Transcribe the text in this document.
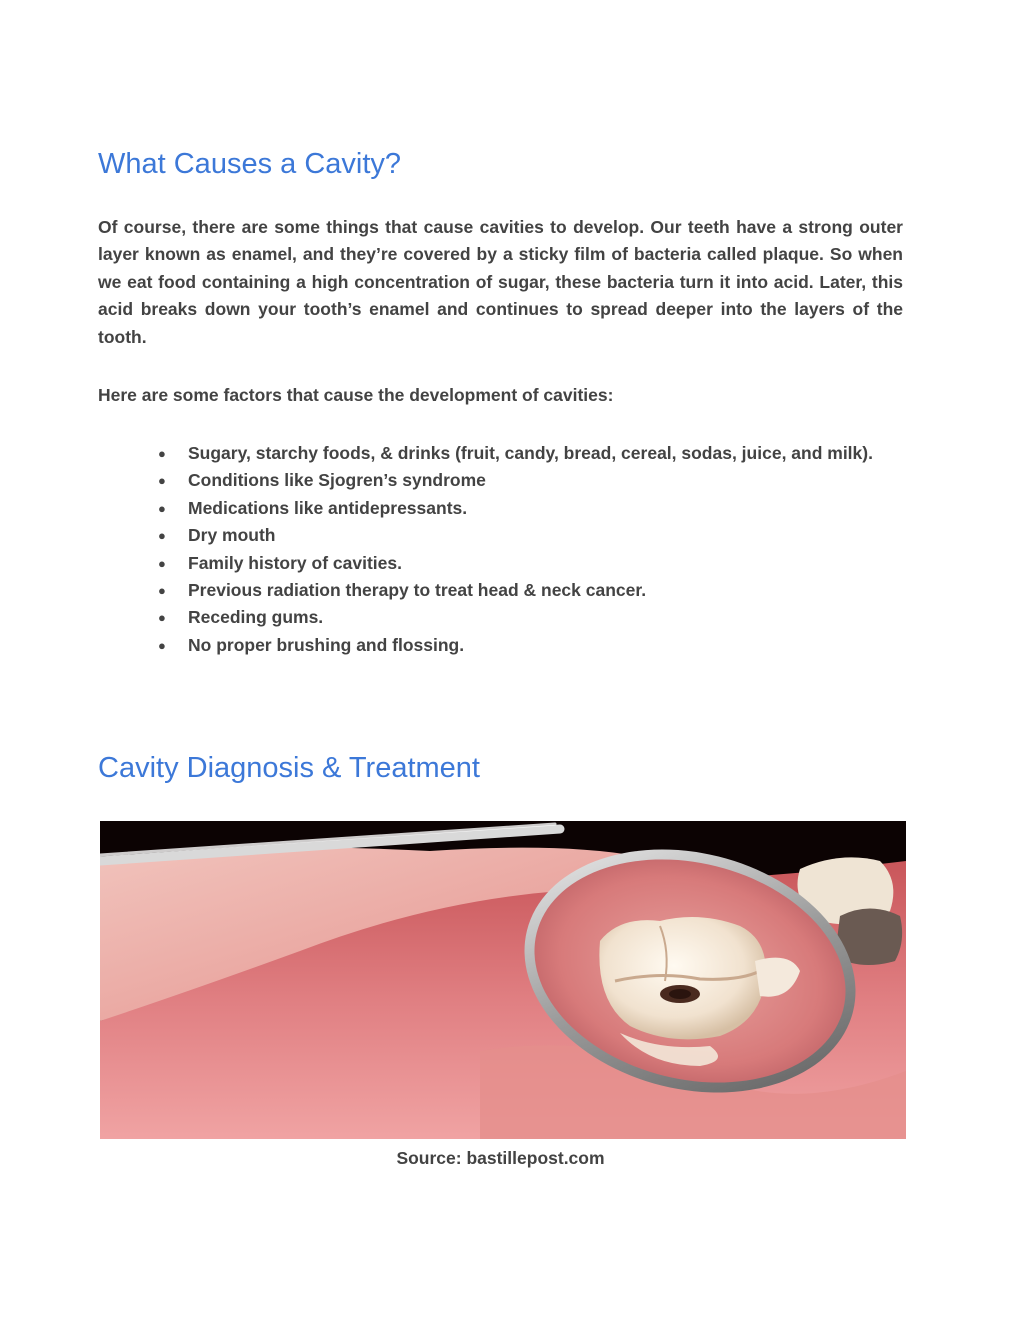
What Causes a Cavity?

Of course, there are some things that cause cavities to develop. Our teeth have a strong outer layer known as enamel, and they’re covered by a sticky film of bacteria called plaque. So when we eat food containing a high concentration of sugar, these bacteria turn it into acid. Later, this acid breaks down your tooth’s enamel and continues to spread deeper into the layers of the tooth.

Here are some factors that cause the development of cavities:

● Sugary, starchy foods, & drinks (fruit, candy, bread, cereal, sodas, juice, and milk).
● Conditions like Sjogren’s syndrome
● Medications like antidepressants.
● Dry mouth
● Family history of cavities.
● Previous radiation therapy to treat head & neck cancer.
● Receding gums.
● No proper brushing and flossing.
Cavity Diagnosis & Treatment

Source: bastillepost.com
